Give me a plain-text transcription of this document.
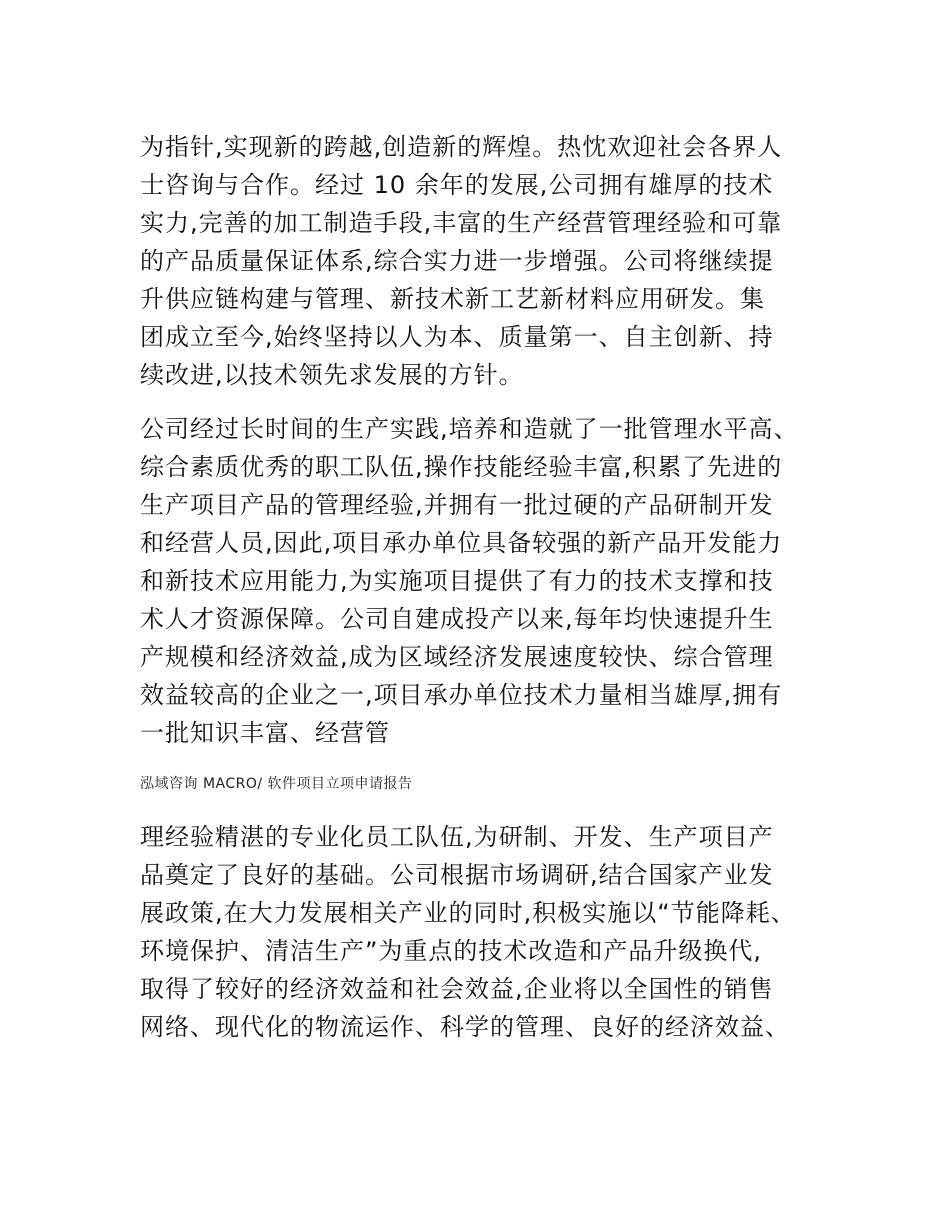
为指针,实现新的跨越,创造新的辉煌。热忱欢迎社会各界人
士咨询与合作。经过 10 余年的发展,公司拥有雄厚的技术
实力,完善的加工制造手段,丰富的生产经营管理经验和可靠
的产品质量保证体系,综合实力进一步增强。公司将继续提
升供应链构建与管理、新技术新工艺新材料应用研发。集
团成立至今,始终坚持以人为本、质量第一、自主创新、持
续改进,以技术领先求发展的方针。
公司经过长时间的生产实践,培养和造就了一批管理水平高、
综合素质优秀的职工队伍,操作技能经验丰富,积累了先进的
生产项目产品的管理经验,并拥有一批过硬的产品研制开发
和经营人员,因此,项目承办单位具备较强的新产品开发能力
和新技术应用能力,为实施项目提供了有力的技术支撑和技
术人才资源保障。公司自建成投产以来,每年均快速提升生
产规模和经济效益,成为区域经济发展速度较快、综合管理
效益较高的企业之一,项目承办单位技术力量相当雄厚,拥有
一批知识丰富、经营管
泓域咨询 MACRO/ 软件项目立项申请报告
理经验精湛的专业化员工队伍,为研制、开发、生产项目产
品奠定了良好的基础。公司根据市场调研,结合国家产业发
展政策,在大力发展相关产业的同时,积极实施以“节能降耗、
环境保护、清洁生产”为重点的技术改造和产品升级换代,
取得了较好的经济效益和社会效益,企业将以全国性的销售
网络、现代化的物流运作、科学的管理、良好的经济效益、
